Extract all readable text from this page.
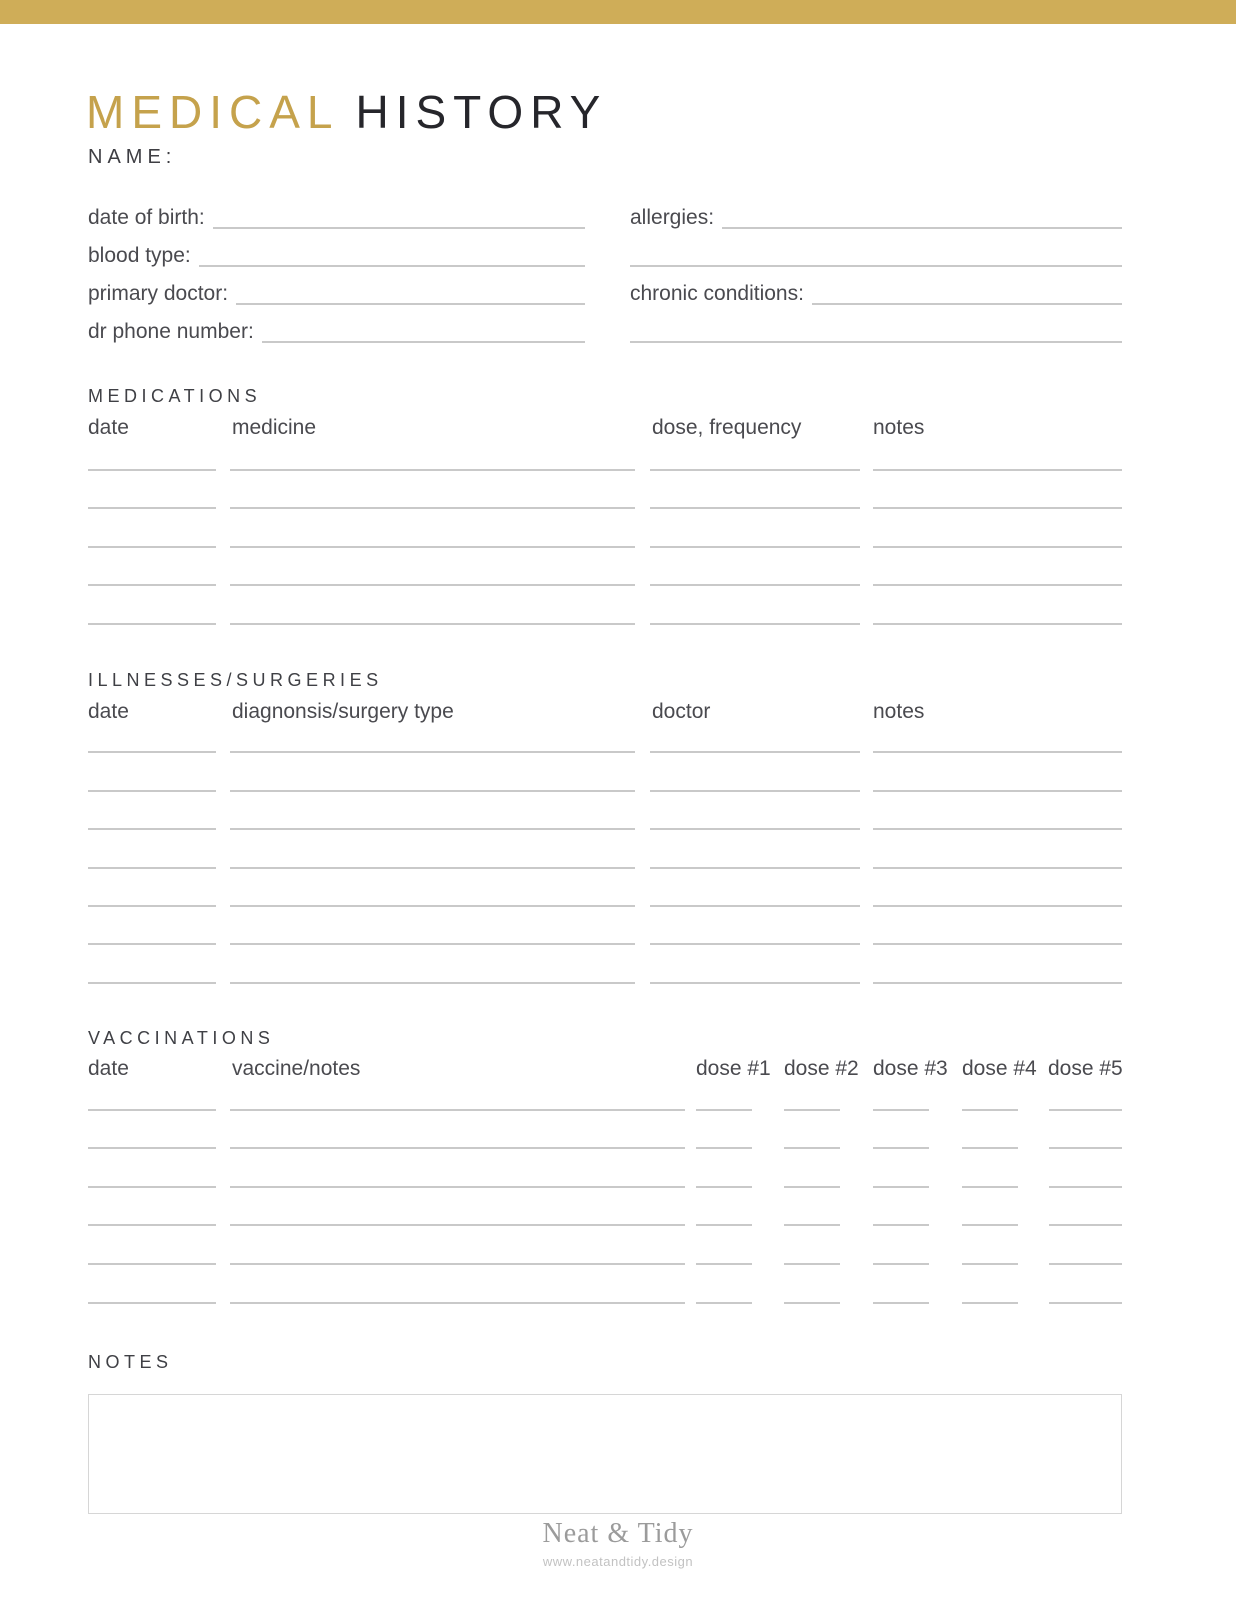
MEDICAL HISTORY
NAME:
date of birth:
blood type:
primary doctor:
dr phone number:
allergies:
chronic conditions:
MEDICATIONS
date	medicine	dose, frequency	notes
ILLNESSES/SURGERIES
date	diagnonsis/surgery type	doctor	notes
VACCINATIONS
date	vaccine/notes	dose #1 dose #2 dose #3 dose #4 dose #5
NOTES
Neat & Tidy
www.neatandtidy.design
